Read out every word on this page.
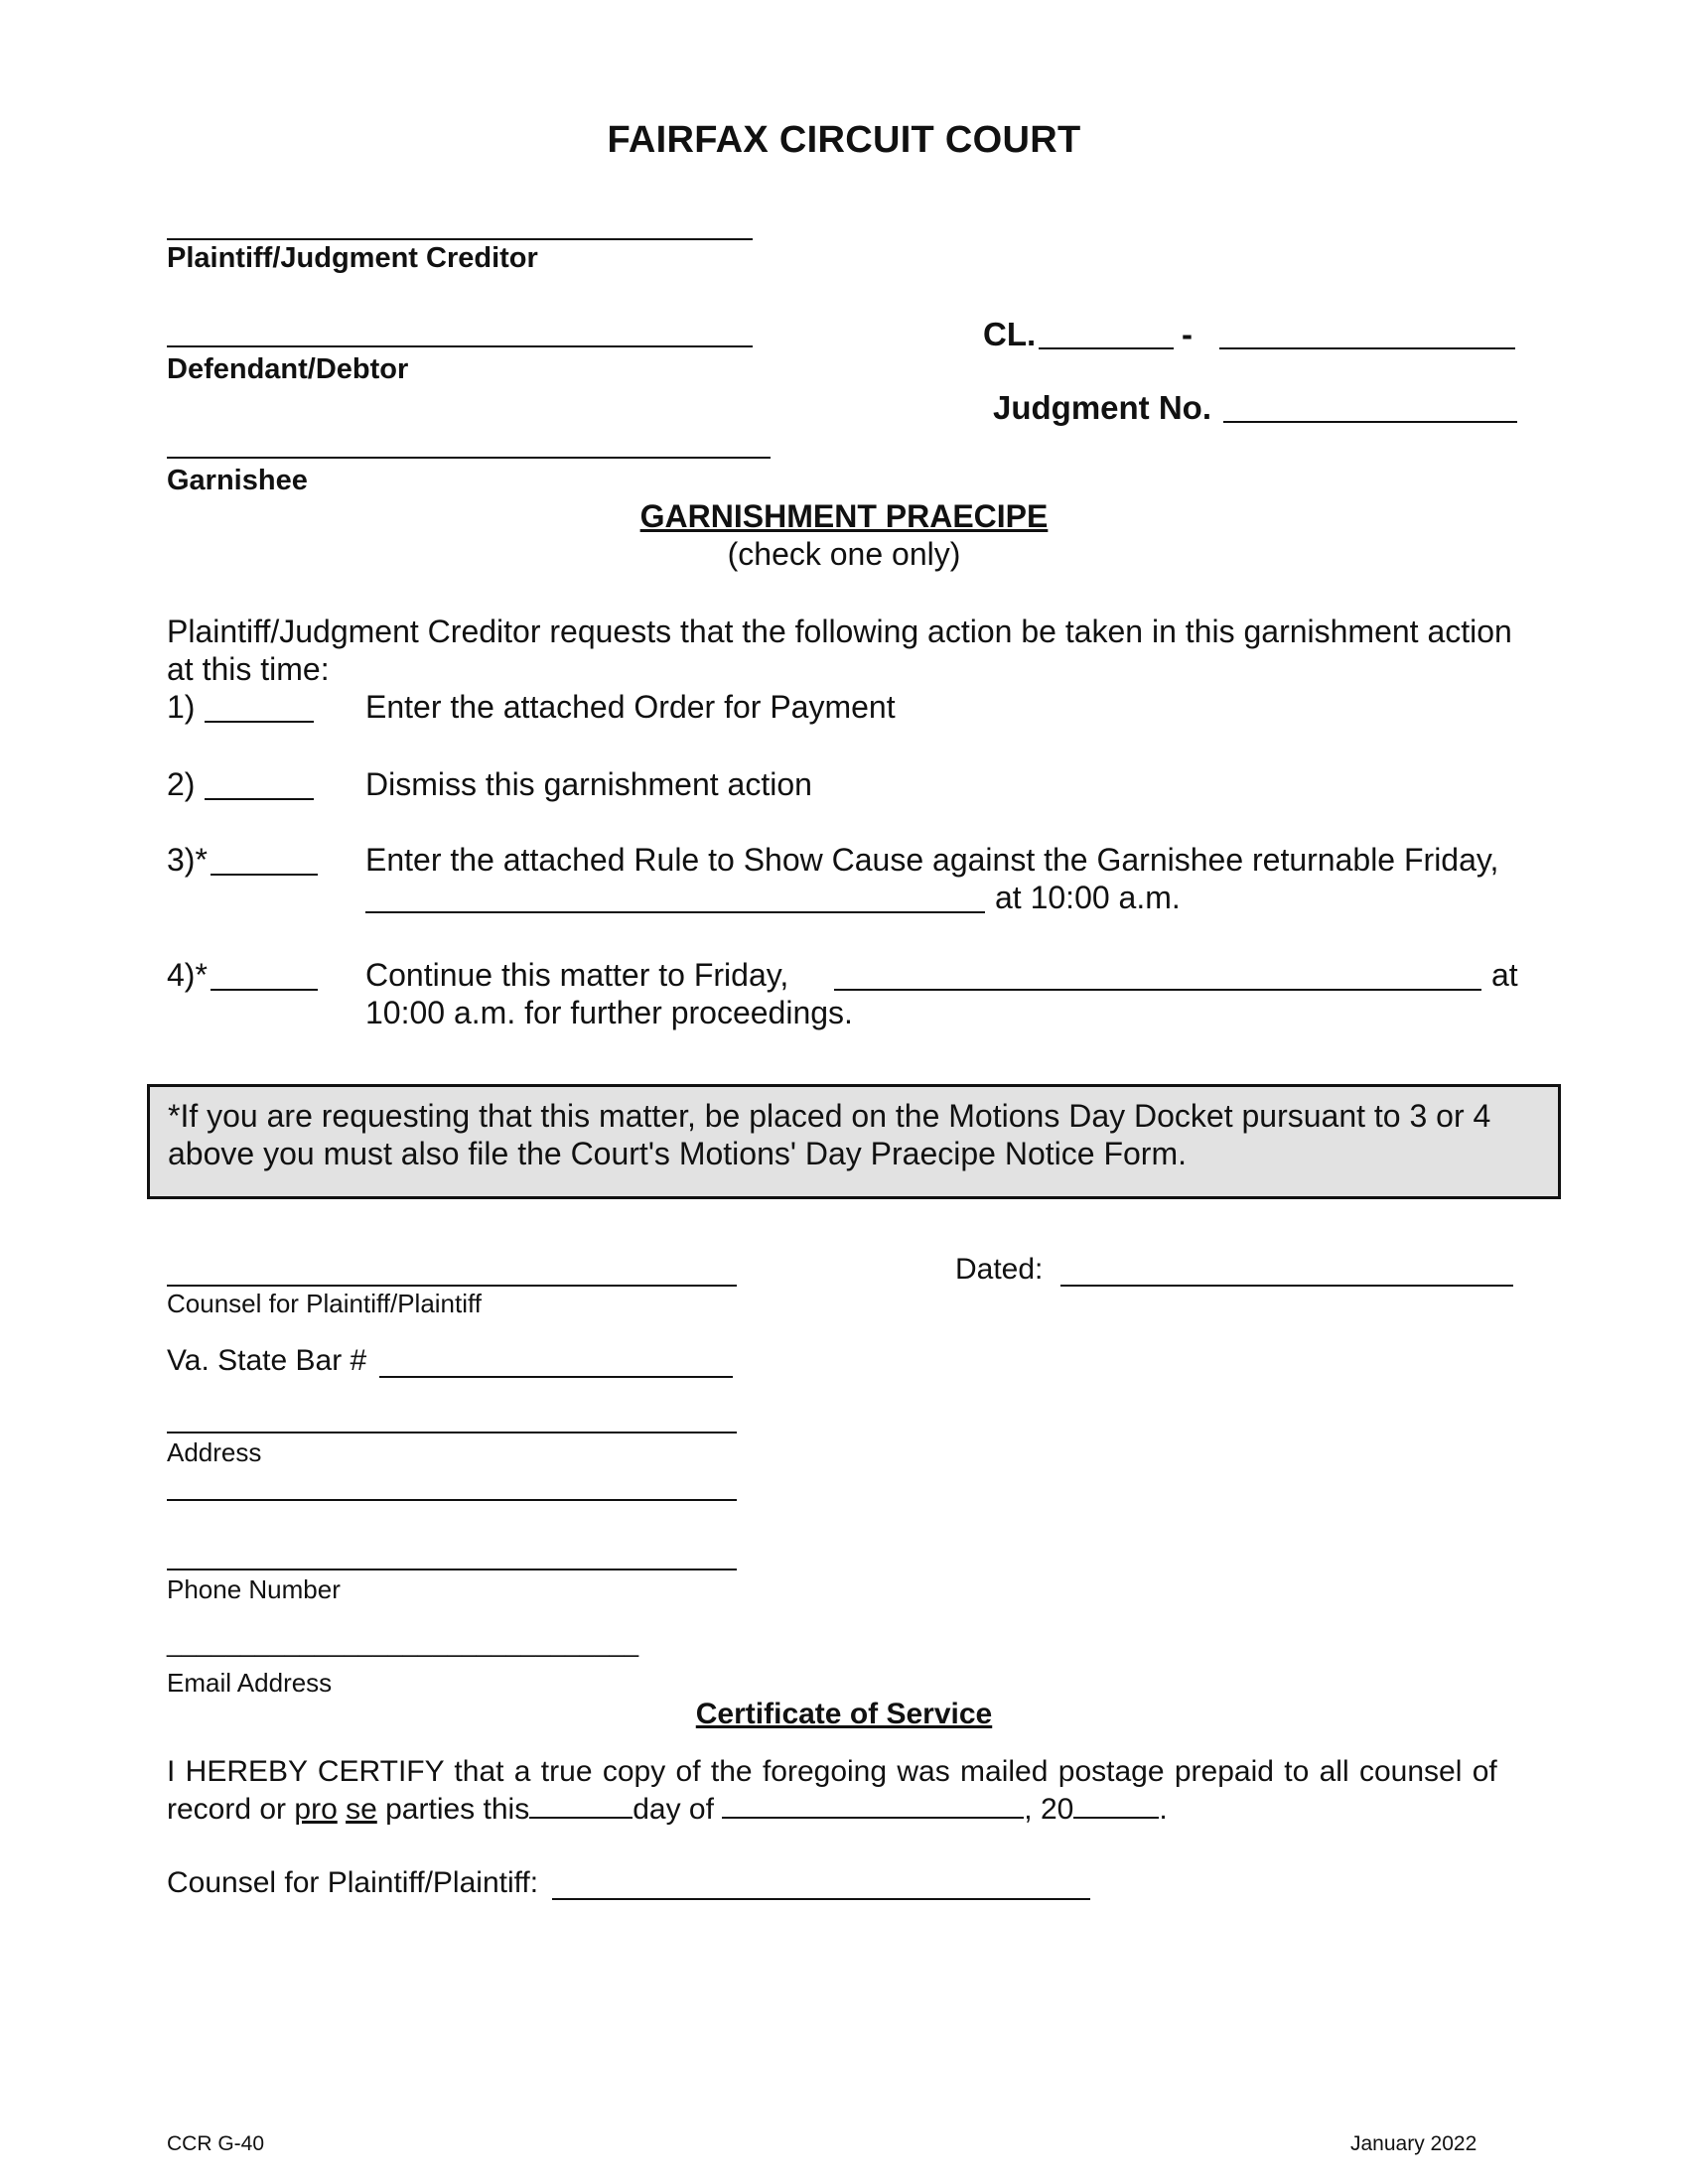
FAIRFAX CIRCUIT COURT
Plaintiff/Judgment Creditor
Defendant/Debtor
CL.	-
Judgment No.
Garnishee
GARNISHMENT PRAECIPE
(check one only)
Plaintiff/Judgment Creditor requests that the following action be taken in this garnishment action
at this time:
1)	Enter the attached Order for Payment
2)	Dismiss this garnishment action
3)*	Enter the attached Rule to Show Cause against the Garnishee returnable Friday,
at 10:00 a.m.
4)*	Continue this matter to Friday,	at
10:00 a.m. for further proceedings.
*If you are requesting that this matter, be placed on the Motions Day Docket pursuant to 3 or 4
above you must also file the Court's Motions' Day Praecipe Notice Form.
Counsel for Plaintiff/Plaintiff
Dated:
Va. State Bar #
Address
Phone Number
________________________________
Email Address
Certificate of Service
I HEREBY CERTIFY that a true copy of the foregoing was mailed postage prepaid to all counsel of
record or pro se parties this	day of	, 20	.
Counsel for Plaintiff/Plaintiff:
CCR G-40	January 2022
